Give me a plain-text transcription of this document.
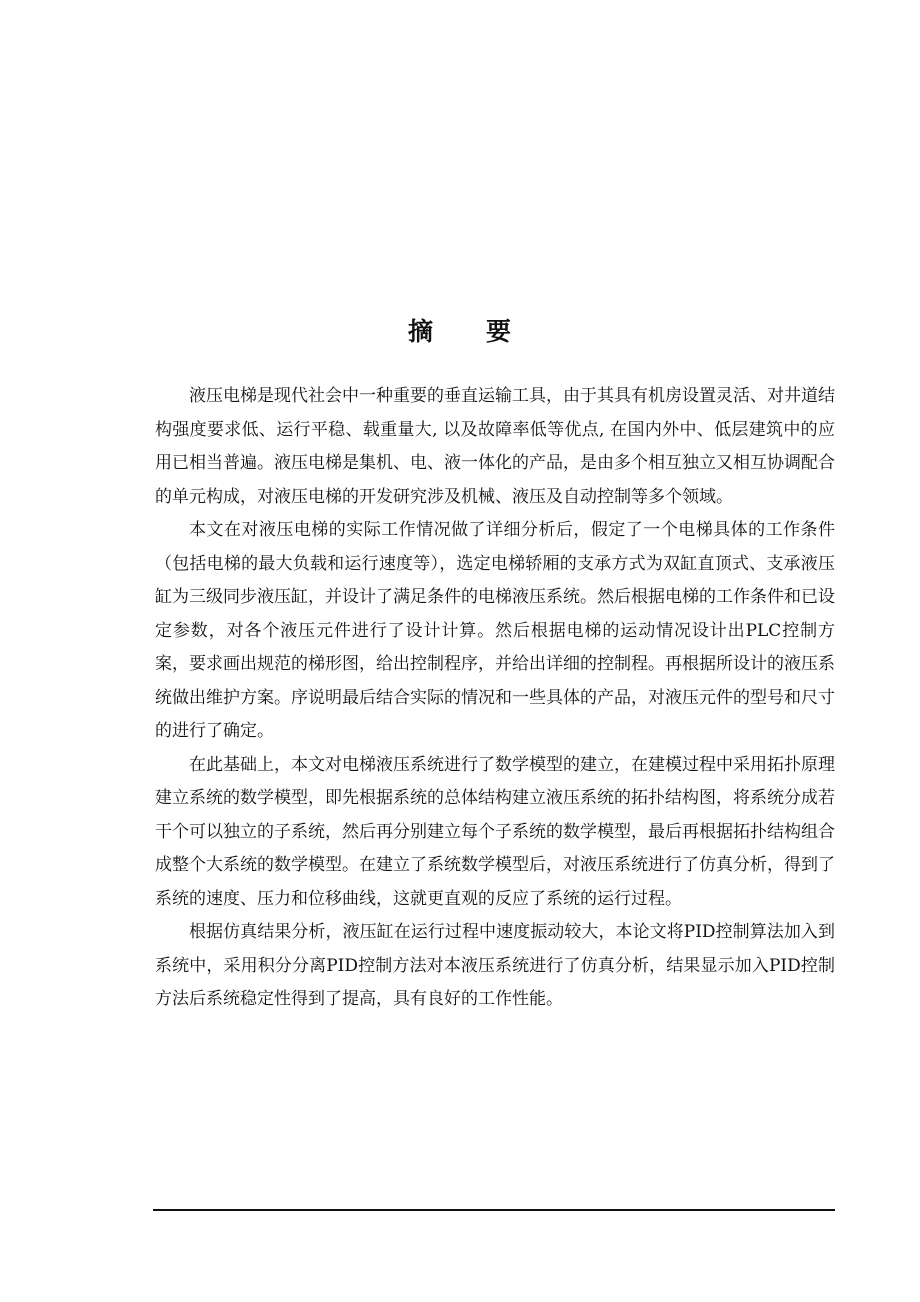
摘 要

液压电梯是现代社会中一种重要的垂直运输工具，由于其具有机房设置灵活、对井道结构强度要求低、运行平稳、载重量大, 以及故障率低等优点, 在国内外中、低层建筑中的应用已相当普遍。液压电梯是集机、电、液一体化的产品，是由多个相互独立又相互协调配合的单元构成，对液压电梯的开发研究涉及机械、液压及自动控制等多个领域。

本文在对液压电梯的实际工作情况做了详细分析后，假定了一个电梯具体的工作条件（包括电梯的最大负载和运行速度等），选定电梯轿厢的支承方式为双缸直顶式、支承液压缸为三级同步液压缸，并设计了满足条件的电梯液压系统。然后根据电梯的工作条件和已设定参数，对各个液压元件进行了设计计算。然后根据电梯的运动情况设计出PLC控制方案，要求画出规范的梯形图，给出控制程序，并给出详细的控制程。再根据所设计的液压系统做出维护方案。序说明最后结合实际的情况和一些具体的产品，对液压元件的型号和尺寸的进行了确定。

在此基础上，本文对电梯液压系统进行了数学模型的建立，在建模过程中采用拓扑原理建立系统的数学模型，即先根据系统的总体结构建立液压系统的拓扑结构图，将系统分成若干个可以独立的子系统，然后再分别建立每个子系统的数学模型，最后再根据拓扑结构组合成整个大系统的数学模型。在建立了系统数学模型后，对液压系统进行了仿真分析，得到了系统的速度、压力和位移曲线，这就更直观的反应了系统的运行过程。

根据仿真结果分析，液压缸在运行过程中速度振动较大，本论文将PID控制算法加入到系统中，采用积分分离PID控制方法对本液压系统进行了仿真分析，结果显示加入PID控制方法后系统稳定性得到了提高，具有良好的工作性能。
